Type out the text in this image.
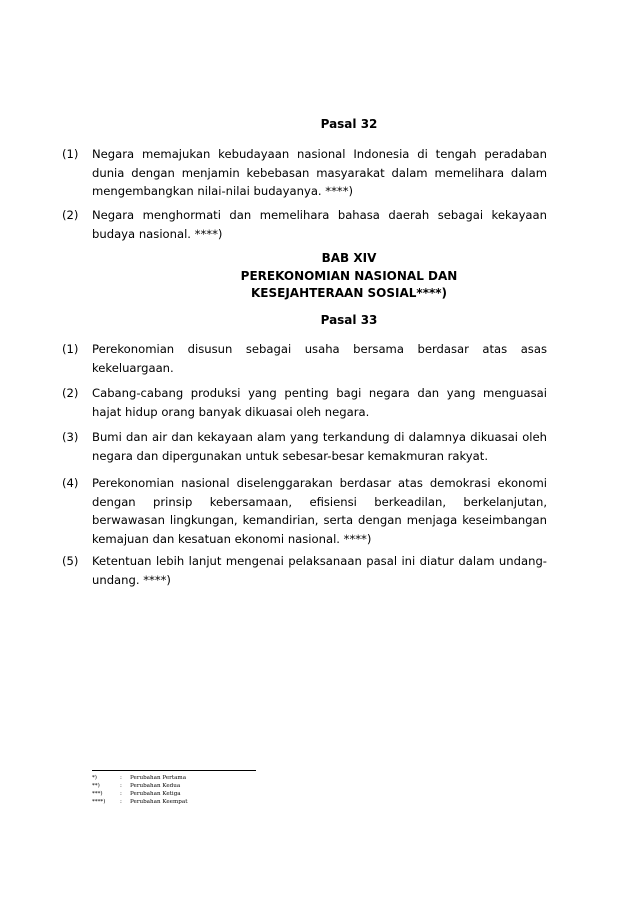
Pasal 32
(1) Negara memajukan kebudayaan nasional Indonesia di tengah peradaban dunia dengan menjamin kebebasan masyarakat dalam memelihara dalam mengembangkan nilai-nilai budayanya. ****)
(2) Negara menghormati dan memelihara bahasa daerah sebagai kekayaan budaya nasional. ****)
BAB XIV
PEREKONOMIAN NASIONAL DAN
KESEJAHTERAAN SOSIAL****)
Pasal 33
(1) Perekonomian disusun sebagai usaha bersama berdasar atas asas kekeluargaan.
(2) Cabang-cabang produksi yang penting bagi negara dan yang menguasai hajat hidup orang banyak dikuasai oleh negara.
(3) Bumi dan air dan kekayaan alam yang terkandung di dalamnya dikuasai oleh negara dan dipergunakan untuk sebesar-besar kemakmuran rakyat.
(4) Perekonomian nasional diselenggarakan berdasar atas demokrasi ekonomi dengan prinsip kebersamaan, efisiensi berkeadilan, berkelanjutan, berwawasan lingkungan, kemandirian, serta dengan menjaga keseimbangan kemajuan dan kesatuan ekonomi nasional. ****)
(5) Ketentuan lebih lanjut mengenai pelaksanaan pasal ini diatur dalam undang-undang. ****)
*)	: Perubahan Pertama
**)	: Perubahan Kedua
***)	: Perubahan Ketiga
****)	: Perubahan Keempat
